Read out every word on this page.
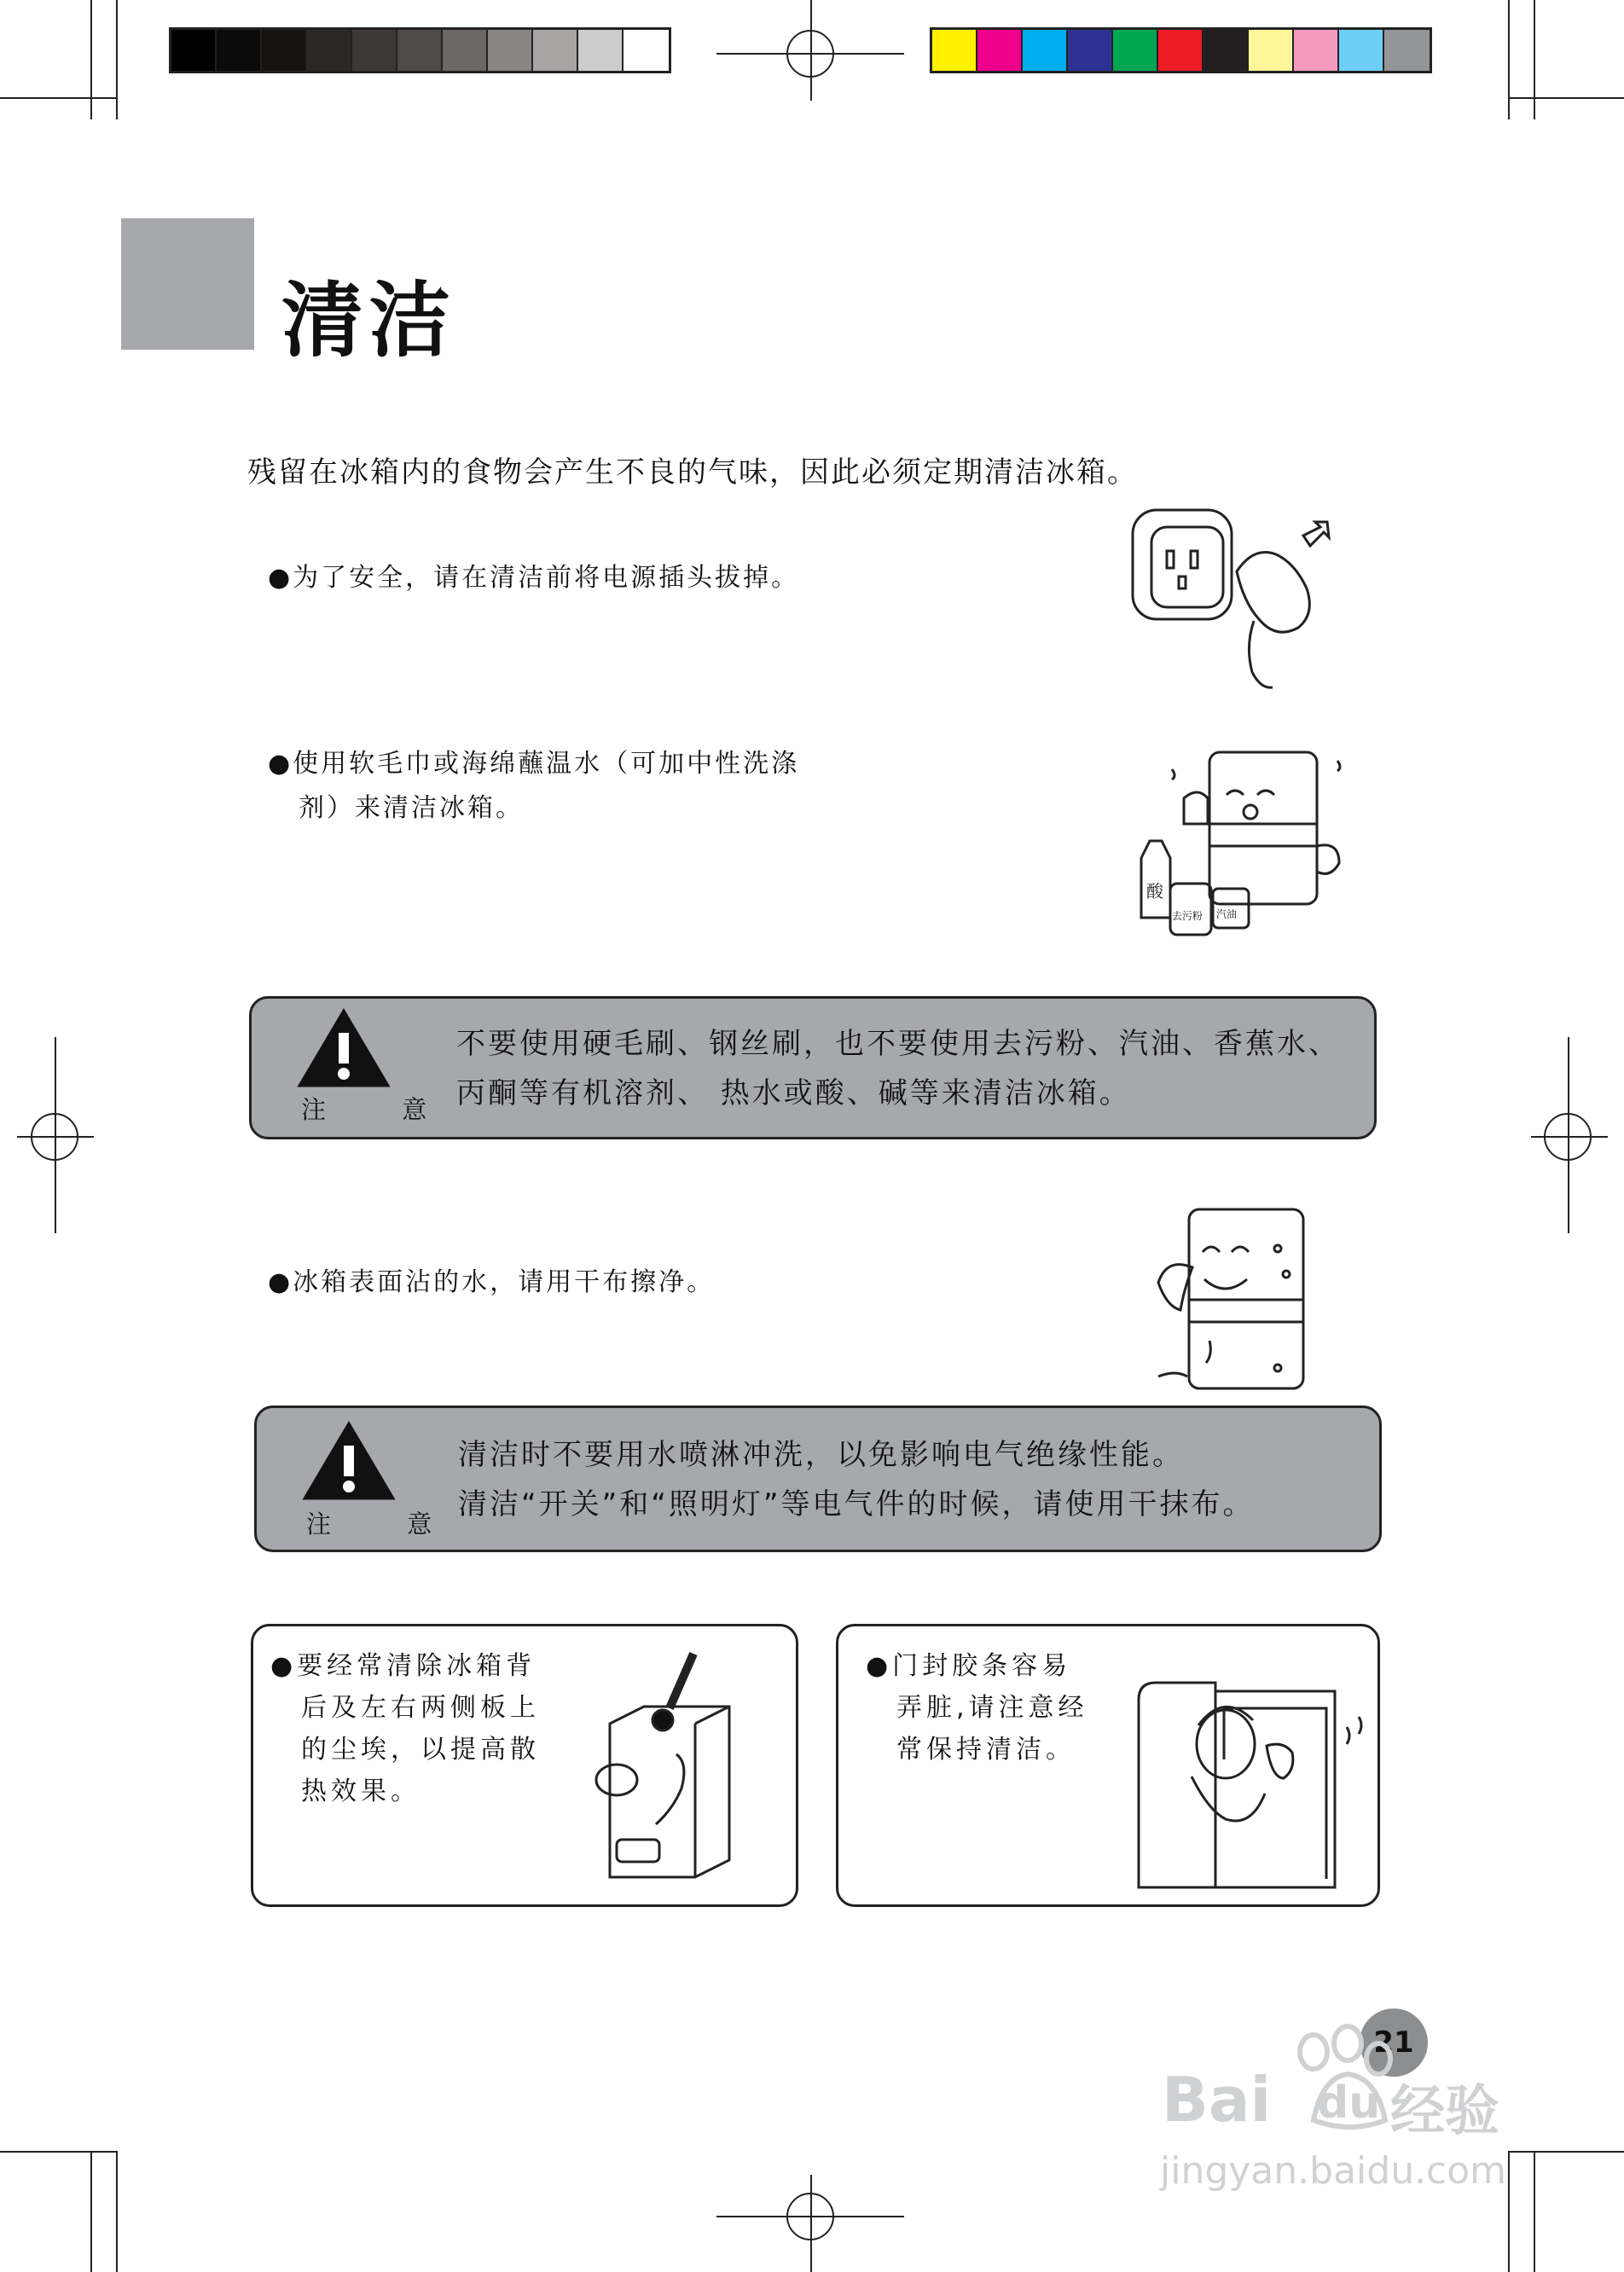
清洁
残留在冰箱内的食物会产生不良的气味，因此必须定期清洁冰箱。
●为了安全，请在清洁前将电源插头拔掉。
●使用软毛巾或海绵蘸温水（可加中性洗涤
剂）来清洁冰箱。
酸
去污粉 汽油
注 意
不要使用硬毛刷、钢丝刷，也不要使用去污粉、汽油、香蕉水、
丙酮等有机溶剂、 热水或酸、碱等来清洁冰箱。
●冰箱表面沾的水，请用干布擦净。
注 意
清洁时不要用水喷淋冲洗，以免影响电气绝缘性能。
清洁“开关”和“照明灯”等电气件的时候，请使用干抹布。
●要经常清除冰箱背
后及左右两侧板上
的尘埃，以提高散
热效果。
●门封胶条容易
弄脏,请注意经
常保持清洁。
21
Bai du 经验
jingyan.baidu.com
